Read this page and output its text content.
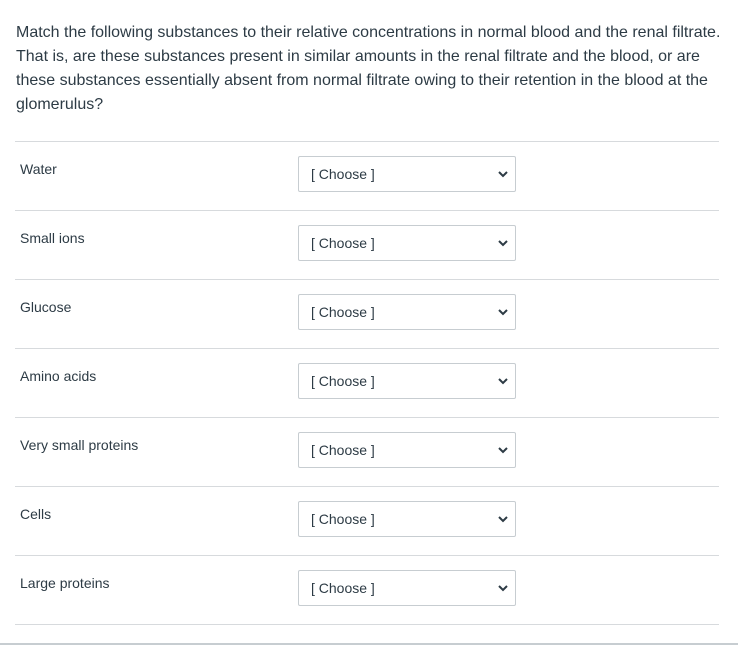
Match the following substances to their relative concentrations in normal blood and the renal filtrate. That is, are these substances present in similar amounts in the renal filtrate and the blood, or are these substances essentially absent from normal filtrate owing to their retention in the blood at the glomerulus?

Water	[ Choose ]
Small ions	[ Choose ]
Glucose	[ Choose ]
Amino acids	[ Choose ]
Very small proteins	[ Choose ]
Cells	[ Choose ]
Large proteins	[ Choose ]
